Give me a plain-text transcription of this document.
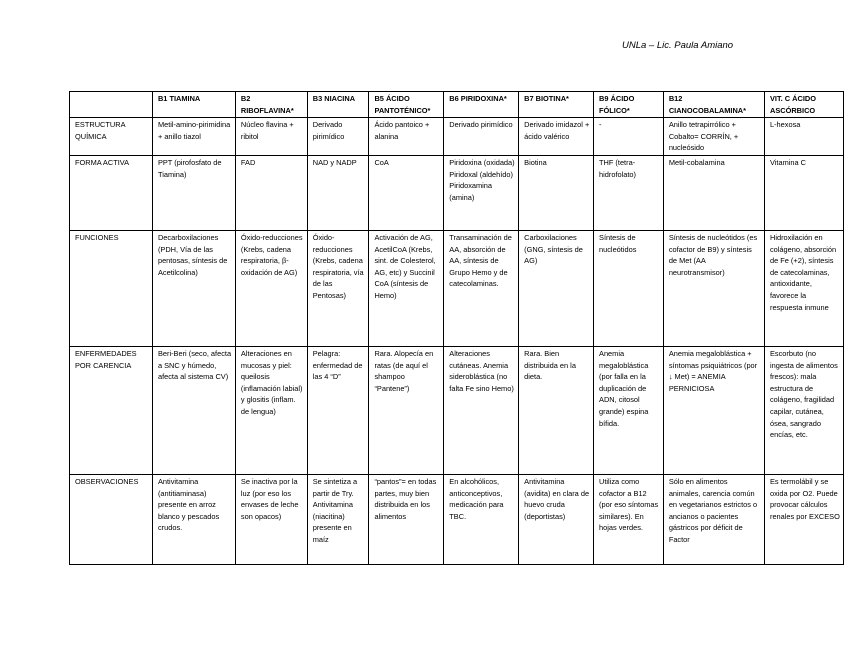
UNLa – Lic. Paula Amiano
	B1 TIAMINA	B2 RIBOFLAVINA*	B3 NIACINA	B5 ÁCIDO PANTOTÉNICO*	B6 PIRIDOXINA*	B7 BIOTINA*	B9 ÁCIDO FÓLICO*	B12 CIANOCOBALAMINA*	VIT. C ÁCIDO ASCÓRBICO
ESTRUCTURA QUÍMICA	Metil-amino-pirimidina + anillo tiazol	Núcleo flavina + ribitol	Derivado pirimídico	Ácido pantoico + alanina	Derivado pirimídico	Derivado imidazol + ácido valérico	-	Anillo tetrapirrólico + Cobalto= CORRÍN, + nucleósido	L-hexosa
FORMA ACTIVA	PPT (pirofosfato de Tiamina)	FAD	NAD y NADP	CoA	Piridoxina (oxidada) Piridoxal (aldehído) Piridoxamina (amina)	Biotina	THF (tetra-hidrofolato)	Metil-cobalamina	Vitamina C
FUNCIONES	Decarboxilaciones (PDH, Vía de las pentosas, síntesis de Acetilcolina)	Óxido-reducciones (Krebs, cadena respiratoria, β-oxidación de AG)	Óxido-reducciones (Krebs, cadena respiratoria, vía de las Pentosas)	Activación de AG, AcetilCoA (Krebs, sint. de Colesterol, AG, etc) y Succinil CoA (síntesis de Hemo)	Transaminación de AA, absorción de AA, síntesis de Grupo Hemo y de catecolaminas.	Carboxilaciones (GNG, síntesis de AG)	Síntesis de nucleótidos	Síntesis de nucleótidos (es cofactor de B9) y síntesis de Met (AA neurotransmisor)	Hidroxilación en colágeno, absorción de Fe (+2), síntesis de catecolaminas, antioxidante, favorece la respuesta inmune
ENFERMEDADES POR CARENCIA	Beri-Beri (seco, afecta a SNC y húmedo, afecta al sistema CV)	Alteraciones en mucosas y piel: queilosis (inflamación labial) y glositis (inflam. de lengua)	Pelagra: enfermedad de las 4 “D”	Rara. Alopecía en ratas (de aquí el shampoo “Pantene”)	Alteraciones cutáneas. Anemia sideroblástica (no falta Fe sino Hemo)	Rara. Bien distribuida en la dieta.	Anemia megaloblástica (por falla en la duplicación de ADN, citosol grande) espina bífida.	Anemia megaloblástica + síntomas psiquiátricos (por ↓ Met) = ANEMIA PERNICIOSA	Escorbuto (no ingesta de alimentos frescos): mala estructura de colágeno, fragilidad capilar, cutánea, ósea, sangrado encías, etc.
OBSERVACIONES	Antivitamina (antitiaminasa) presente en arroz blanco y pescados crudos.	Se inactiva por la luz (por eso los envases de leche son opacos)	Se sintetiza a partir de Try. Antivitamina (niacitina) presente en maíz	“pantos”= en todas partes, muy bien distribuida en los alimentos	En alcohólicos, anticonceptivos, medicación para TBC.	Antivitamina (avidita) en clara de huevo cruda (deportistas)	Utiliza como cofactor a B12 (por eso síntomas similares). En hojas verdes.	Sólo en alimentos animales, carencia común en vegetarianos estrictos o ancianos o pacientes gástricos por déficit de Factor	Es termolábil y se oxida por O2. Puede provocar cálculos renales por EXCESO
